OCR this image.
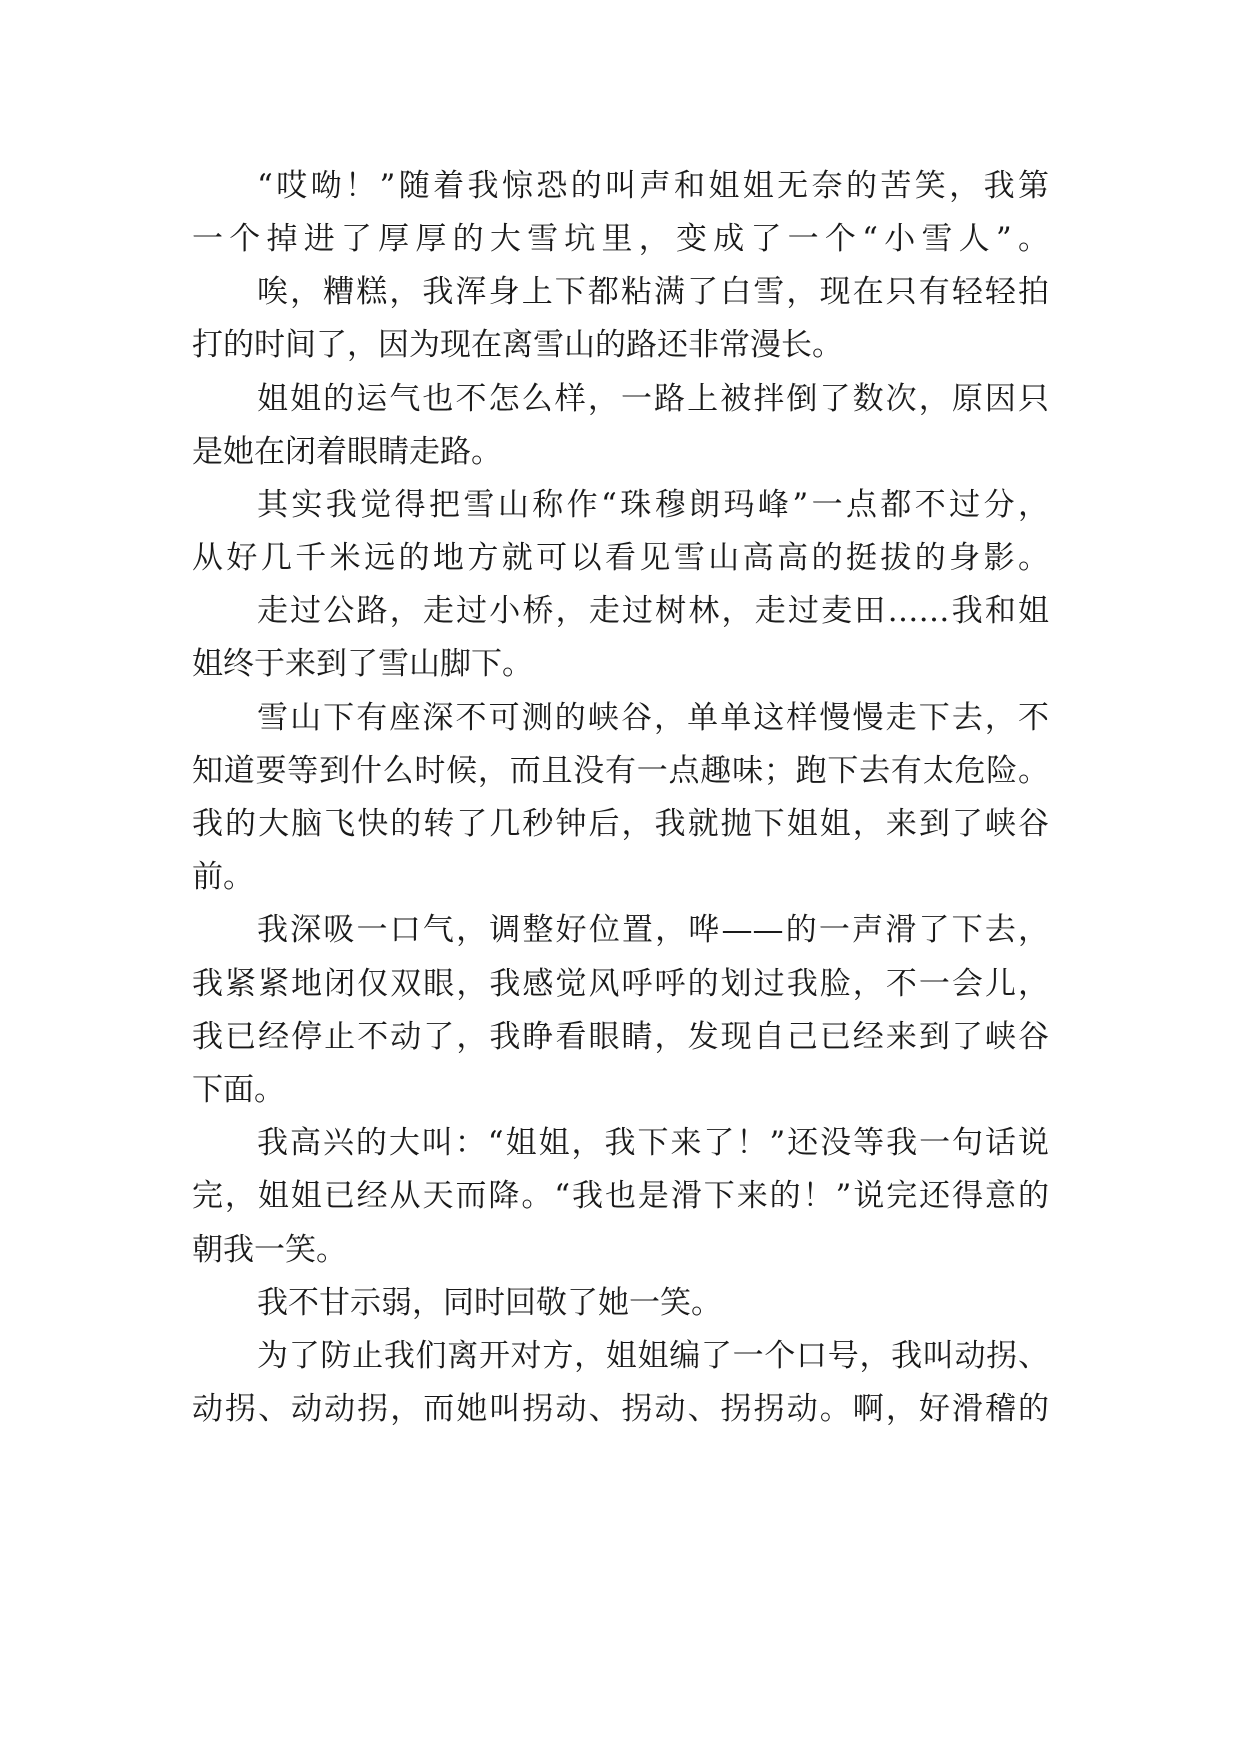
“哎呦！”随着我惊恐的叫声和姐姐无奈的苦笑，我第

一个掉进了厚厚的大雪坑里，变成了一个“小雪人”。

唉，糟糕，我浑身上下都粘满了白雪，现在只有轻轻拍

打的时间了，因为现在离雪山的路还非常漫长。

姐姐的运气也不怎么样，一路上被拌倒了数次，原因只

是她在闭着眼睛走路。

其实我觉得把雪山称作“珠穆朗玛峰”一点都不过分，

从好几千米远的地方就可以看见雪山高高的挺拔的身影。

走过公路，走过小桥，走过树林，走过麦田……我和姐

姐终于来到了雪山脚下。

雪山下有座深不可测的峡谷，单单这样慢慢走下去，不

知道要等到什么时候，而且没有一点趣味；跑下去有太危险。

我的大脑飞快的转了几秒钟后，我就抛下姐姐，来到了峡谷

前。

我深吸一口气，调整好位置，哗——的一声滑了下去，

我紧紧地闭仅双眼，我感觉风呼呼的划过我脸，不一会儿，

我已经停止不动了，我睁看眼睛，发现自己已经来到了峡谷

下面。

我高兴的大叫：“姐姐，我下来了！”还没等我一句话说

完，姐姐已经从天而降。“我也是滑下来的！”说完还得意的

朝我一笑。

我不甘示弱，同时回敬了她一笑。

为了防止我们离开对方，姐姐编了一个口号，我叫动拐、

动拐、动动拐，而她叫拐动、拐动、拐拐动。啊，好滑稽的
